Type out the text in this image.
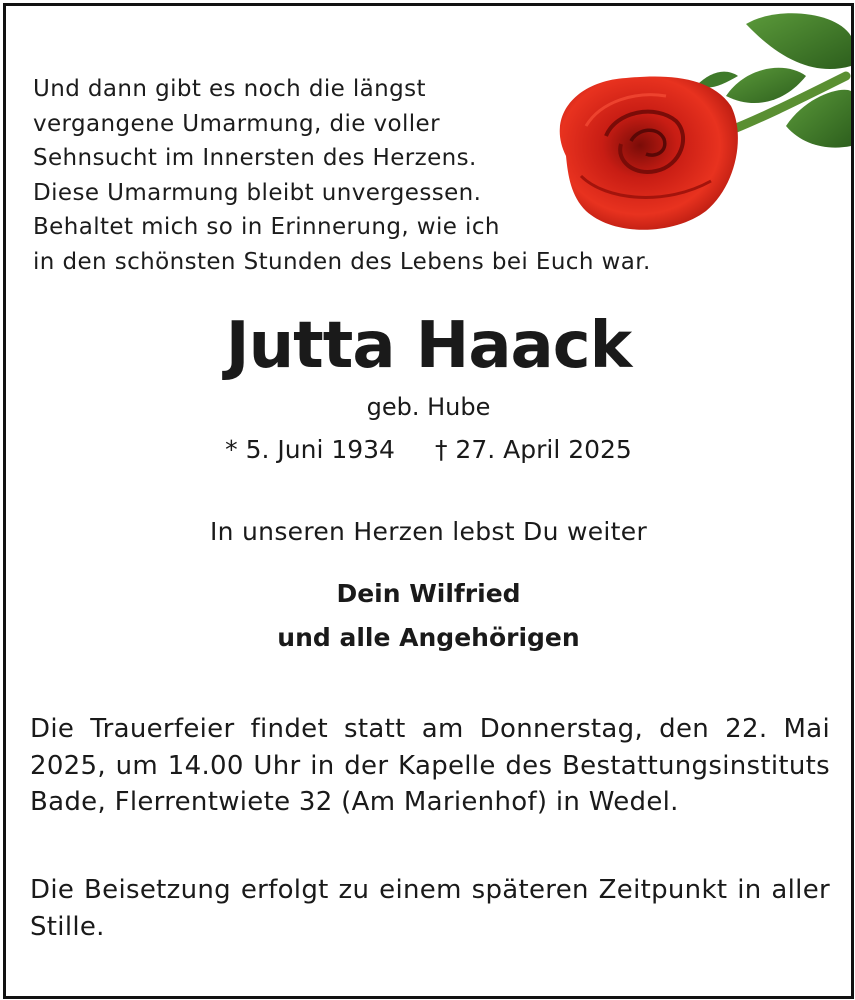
Und dann gibt es noch die längst
vergangene Umarmung, die voller
Sehnsucht im Innersten des Herzens.
Diese Umarmung bleibt unvergessen.
Behaltet mich so in Erinnerung, wie ich
in den schönsten Stunden des Lebens bei Euch war.
Jutta Haack
geb. Hube
* 5. Juni 1934 † 27. April 2025
In unseren Herzen lebst Du weiter
Dein Wilfried
und alle Angehörigen
Die Trauerfeier findet statt am Donnerstag, den 22. Mai 2025, um 14.00 Uhr in der Kapelle des Bestattungsinstituts Bade, Flerrentwiete 32 (Am Marienhof) in Wedel.
Die Beisetzung erfolgt zu einem späteren Zeitpunkt in aller Stille.
